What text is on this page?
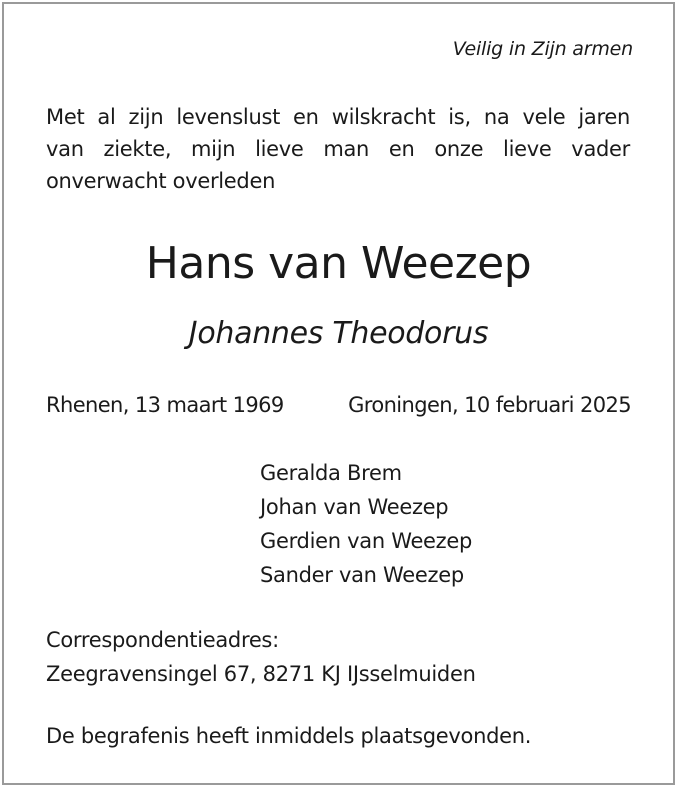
Veilig in Zijn armen
Met al zijn levenslust en wilskracht is, na vele jaren
van ziekte, mijn lieve man en onze lieve vader
onverwacht overleden
Hans van Weezep
Johannes Theodorus
Rhenen, 13 maart 1969	Groningen, 10 februari 2025
Geralda Brem
Johan van Weezep
Gerdien van Weezep
Sander van Weezep
Correspondentieadres:
Zeegravensingel 67, 8271 KJ IJsselmuiden
De begrafenis heeft inmiddels plaatsgevonden.
